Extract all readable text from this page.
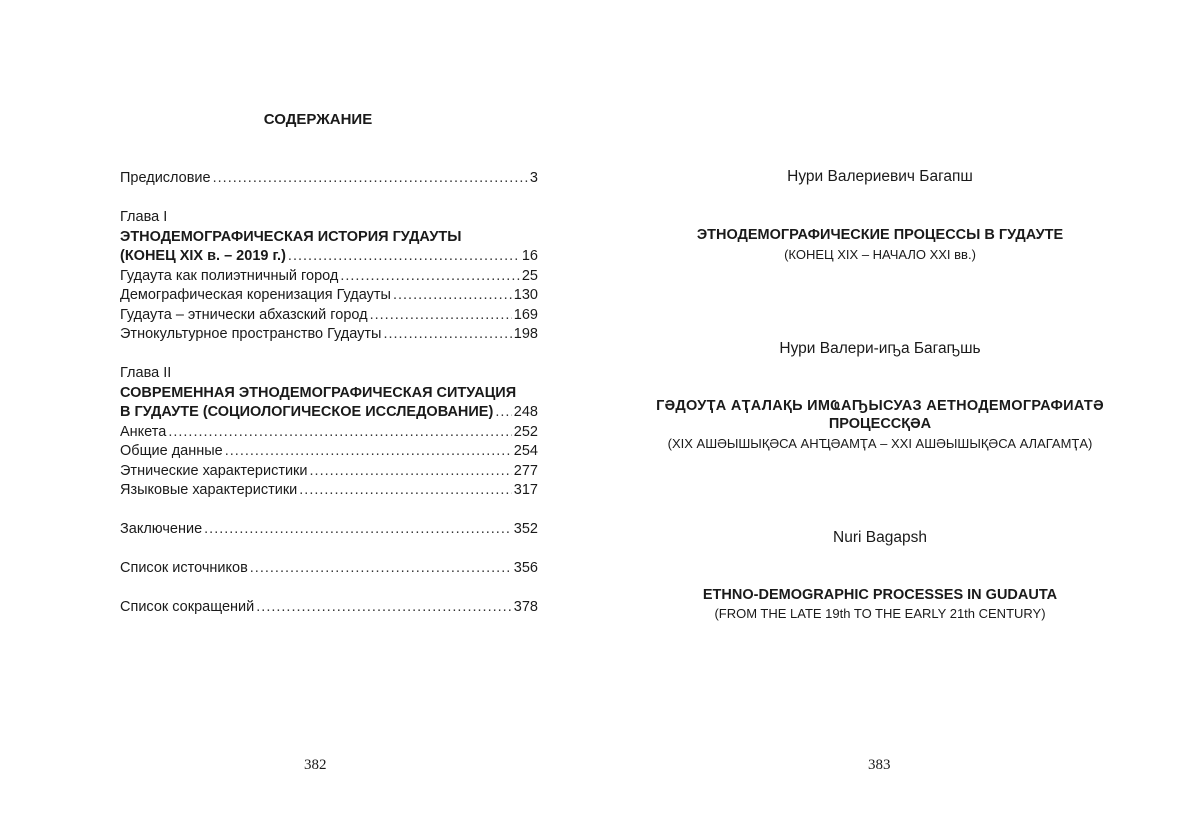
СОДЕРЖАНИЕ
Предисловие .....	3
Глава I
ЭТНОДЕМОГРАФИЧЕСКАЯ ИСТОРИЯ ГУДАУТЫ
(КОНЕЦ XIX в. – 2019 г.) .....	16
Гудаута как полиэтничный город .....	25
Демографическая коренизация Гудауты .....	130
Гудаута – этнически абхазский город .....	169
Этнокультурное пространство Гудауты .....	198
Глава II
СОВРЕМЕННАЯ ЭТНОДЕМОГРАФИЧЕСКАЯ СИТУАЦИЯ
В ГУДАУТЕ (СОЦИОЛОГИЧЕСКОЕ ИССЛЕДОВАНИЕ) ..... 248
Анкета .....	252
Общие данные .....	254
Этнические характеристики .....	277
Языковые характеристики .....	317
Заключение .....	352
Список источников .....	356
Список сокращений .....	378
382
Нури Валериевич Багапш
ЭТНОДЕМОГРАФИЧЕСКИЕ ПРОЦЕССЫ В ГУДАУТЕ
(КОНЕЦ XIX – НАЧАЛО XXI вв.)
Нури Валери-иҧа Багаҧшь
ГӘДОУҬА АҬАЛАҚЬ ИМҨАҦЫСУАЗ АЕТНОДЕМОГРАФИАТӘ
ПРОЦЕССҚӘА
(XIX АШӘЫШЫҚӘСА АНҴӘАМҬА – XXI АШӘЫШЫҚӘСА АЛАГАМҬА)
Nuri Bagapsh
ETHNO-DEMOGRAPHIC PROCESSES IN GUDAUTA
(FROM THE LATE 19th TO THE EARLY 21th CENTURY)
383
